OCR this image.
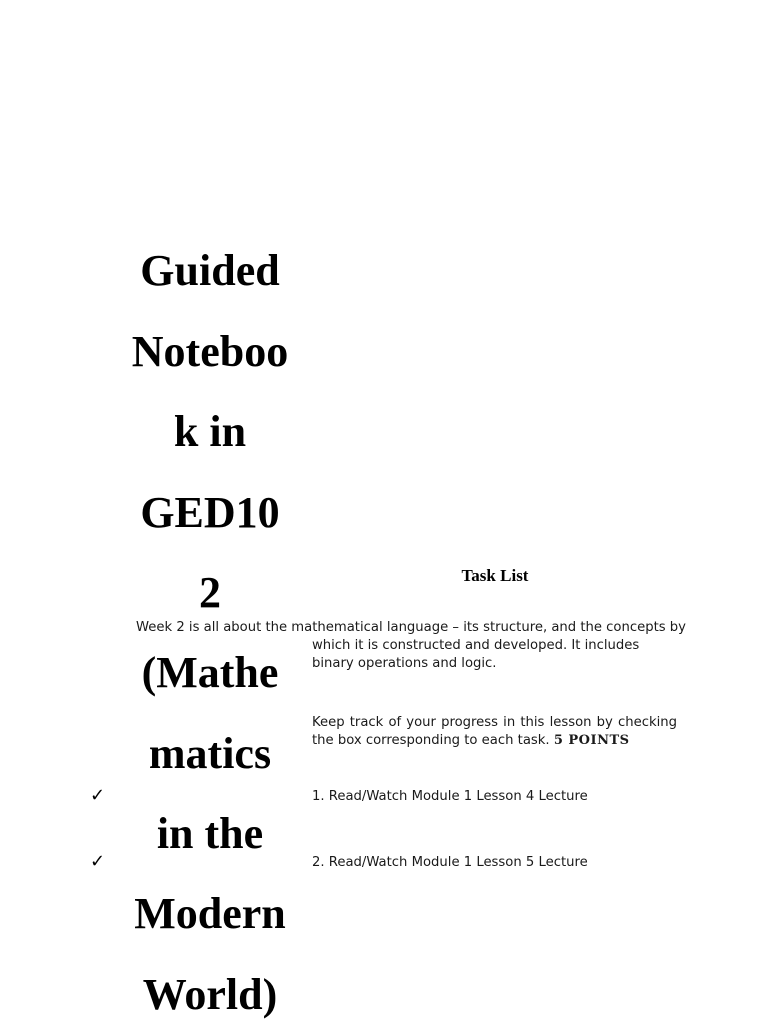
Guided
Noteboo
k in
GED10
2
(Mathe
matics
in the
Modern
World)
Task List
Week 2 is all about the mathematical language – its structure, and the concepts by
which it is constructed and developed. It includes
binary operations and logic.
Keep track of your progress in this lesson by checking the box corresponding to each task. 5 POINTS
✓
✓
1. Read/Watch Module 1 Lesson 4 Lecture
2. Read/Watch Module 1 Lesson 5 Lecture
